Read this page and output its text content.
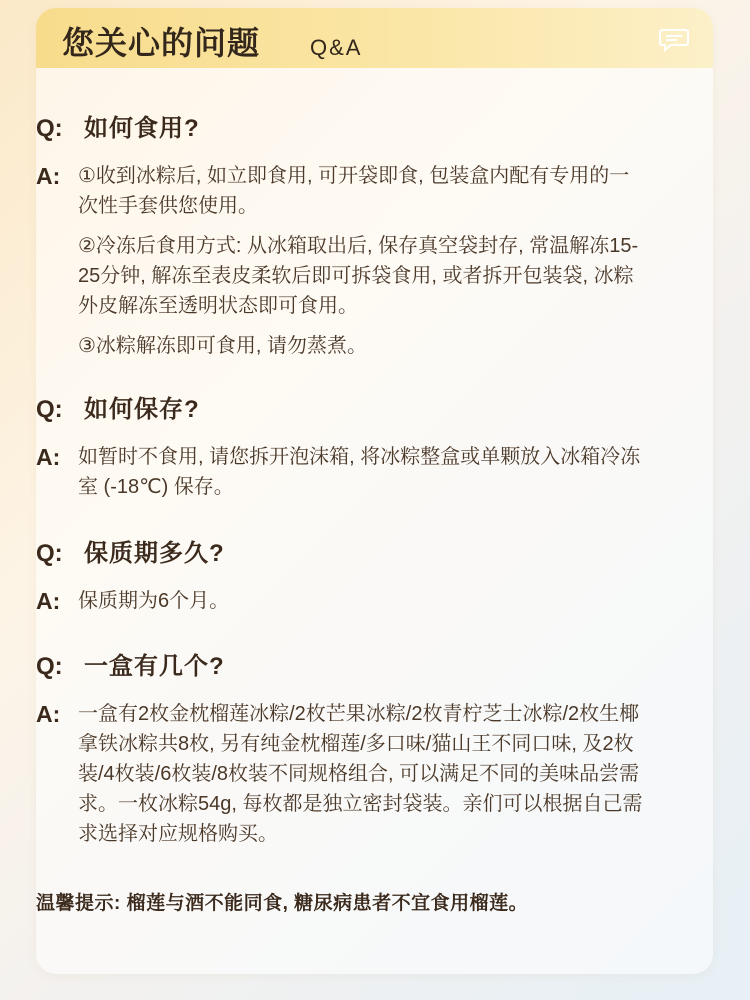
您关心的问题 Q&A
Q: 如何食用?
A: ①收到冰粽后, 如立即食用, 可开袋即食, 包装盒内配有专用的一次性手套供您使用。

②冷冻后食用方式: 从冰箱取出后, 保存真空袋封存, 常温解冻15-25分钟, 解冻至表皮柔软后即可拆袋食用, 或者拆开包装袋, 冰粽外皮解冻至透明状态即可食用。

③冰粽解冻即可食用, 请勿蒸煮。

Q: 如何保存?
A: 如暂时不食用, 请您拆开泡沫箱, 将冰粽整盒或单颗放入冰箱冷冻室 (-18℃) 保存。

Q: 保质期多久?
A: 保质期为6个月。

Q: 一盒有几个?
A: 一盒有2枚金枕榴莲冰粽/2枚芒果冰粽/2枚青柠芝士冰粽/2枚生椰拿铁冰粽共8枚, 另有纯金枕榴莲/多口味/猫山王不同口味, 及2枚装/4枚装/6枚装/8枚装不同规格组合, 可以满足不同的美味品尝需求。一枚冰粽54g, 每枚都是独立密封袋装。亲们可以根据自己需求选择对应规格购买。

温馨提示: 榴莲与酒不能同食, 糖尿病患者不宜食用榴莲。
